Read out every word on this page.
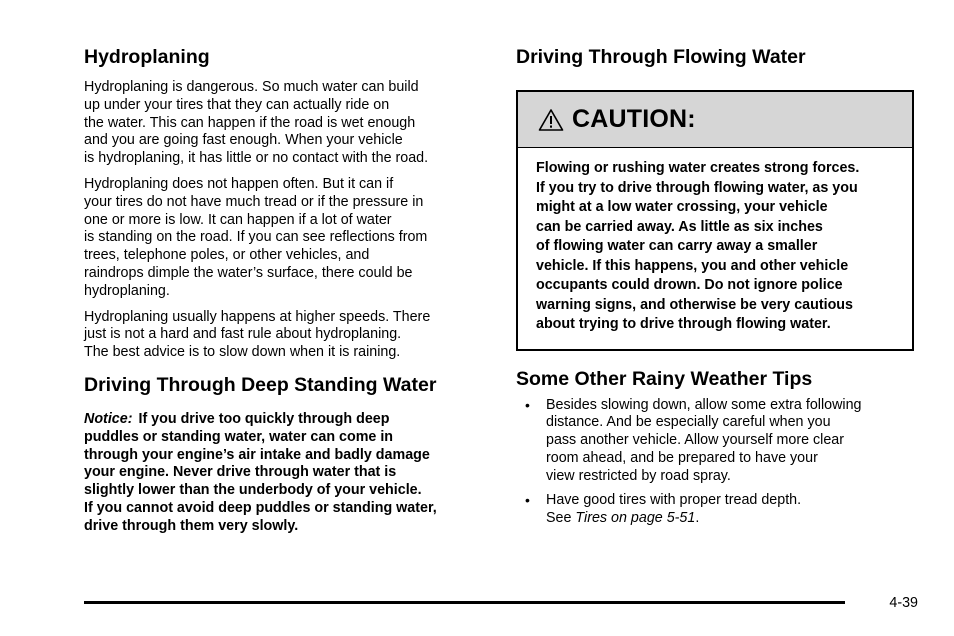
Hydroplaning

Hydroplaning is dangerous. So much water can build
up under your tires that they can actually ride on
the water. This can happen if the road is wet enough
and you are going fast enough. When your vehicle
is hydroplaning, it has little or no contact with the road.

Hydroplaning does not happen often. But it can if
your tires do not have much tread or if the pressure in
one or more is low. It can happen if a lot of water
is standing on the road. If you can see reflections from
trees, telephone poles, or other vehicles, and
raindrops dimple the water’s surface, there could be
hydroplaning.

Hydroplaning usually happens at higher speeds. There
just is not a hard and fast rule about hydroplaning.
The best advice is to slow down when it is raining.

Driving Through Deep Standing Water
Notice: If you drive too quickly through deep
puddles or standing water, water can come in
through your engine’s air intake and badly damage
your engine. Never drive through water that is
slightly lower than the underbody of your vehicle.
If you cannot avoid deep puddles or standing water,
drive through them very slowly.
Driving Through Flowing Water
CAUTION:
Flowing or rushing water creates strong forces.
If you try to drive through flowing water, as you
might at a low water crossing, your vehicle
can be carried away. As little as six inches
of flowing water can carry away a smaller
vehicle. If this happens, you and other vehicle
occupants could drown. Do not ignore police
warning signs, and otherwise be very cautious
about trying to drive through flowing water.
Some Other Rainy Weather Tips
• Besides slowing down, allow some extra following
distance. And be especially careful when you
pass another vehicle. Allow yourself more clear
room ahead, and be prepared to have your
view restricted by road spray.
• Have good tires with proper tread depth.
See Tires on page 5-51.
4-39
